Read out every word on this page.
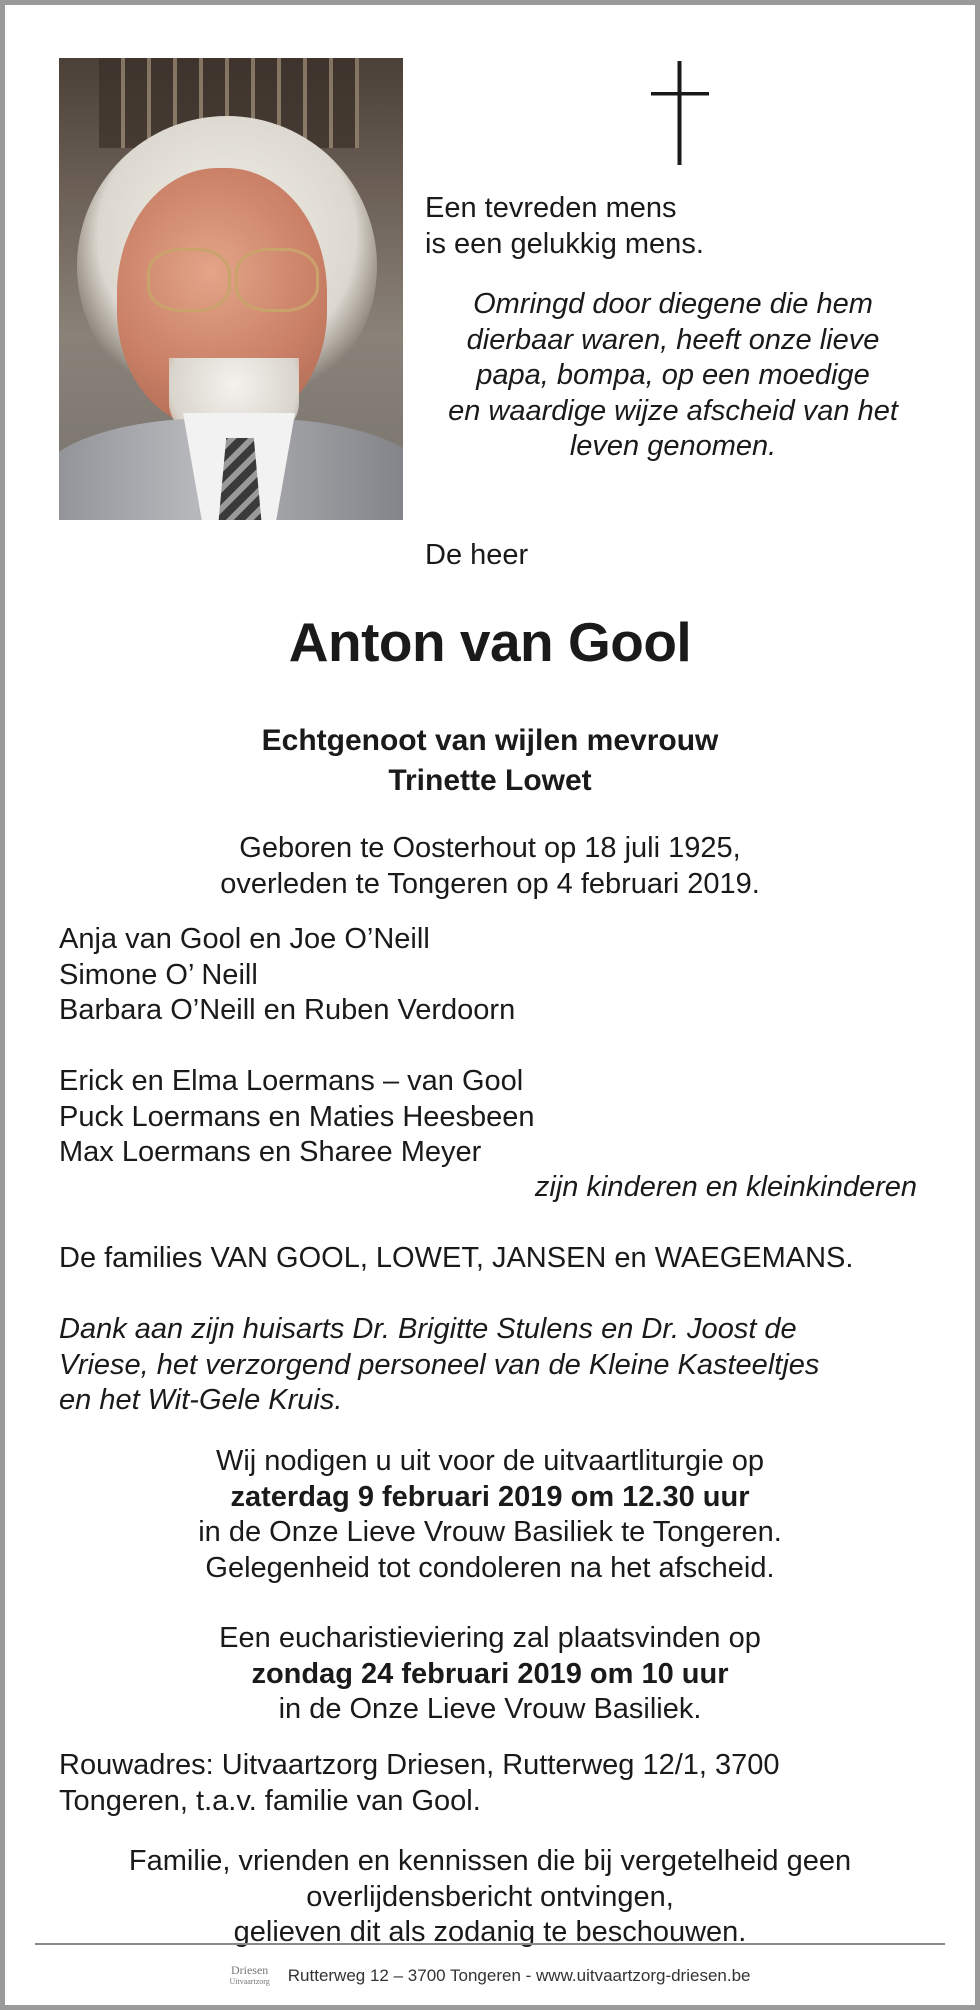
Een tevreden mens
is een gelukkig mens.
Omringd door diegene die hem
dierbaar waren, heeft onze lieve
papa, bompa, op een moedige
en waardige wijze afscheid van het
leven genomen.
De heer
Anton van Gool
Echtgenoot van wijlen mevrouw
Trinette Lowet
Geboren te Oosterhout op 18 juli 1925,
overleden te Tongeren op 4 februari 2019.
Anja van Gool en Joe O’Neill
Simone O’ Neill
Barbara O’Neill en Ruben Verdoorn
Erick en Elma Loermans – van Gool
Puck Loermans en Maties Heesbeen
Max Loermans en Sharee Meyer
zijn kinderen en kleinkinderen
De families VAN GOOL, LOWET, JANSEN en WAEGEMANS.
Dank aan zijn huisarts Dr. Brigitte Stulens en Dr. Joost de
Vriese, het verzorgend personeel van de Kleine Kasteeltjes
en het Wit-Gele Kruis.
Wij nodigen u uit voor de uitvaartliturgie op
zaterdag 9 februari 2019 om 12.30 uur
in de Onze Lieve Vrouw Basiliek te Tongeren.
Gelegenheid tot condoleren na het afscheid.
Een eucharistieviering zal plaatsvinden op
zondag 24 februari 2019 om 10 uur
in de Onze Lieve Vrouw Basiliek.
Rouwadres: Uitvaartzorg Driesen, Rutterweg 12/1, 3700
Tongeren, t.a.v. familie van Gool.
Familie, vrienden en kennissen die bij vergetelheid geen
overlijdensbericht ontvingen,
gelieven dit als zodanig te beschouwen.
Driesen
Uitvaartzorg Rutterweg 12 – 3700 Tongeren - www.uitvaartzorg-driesen.be
